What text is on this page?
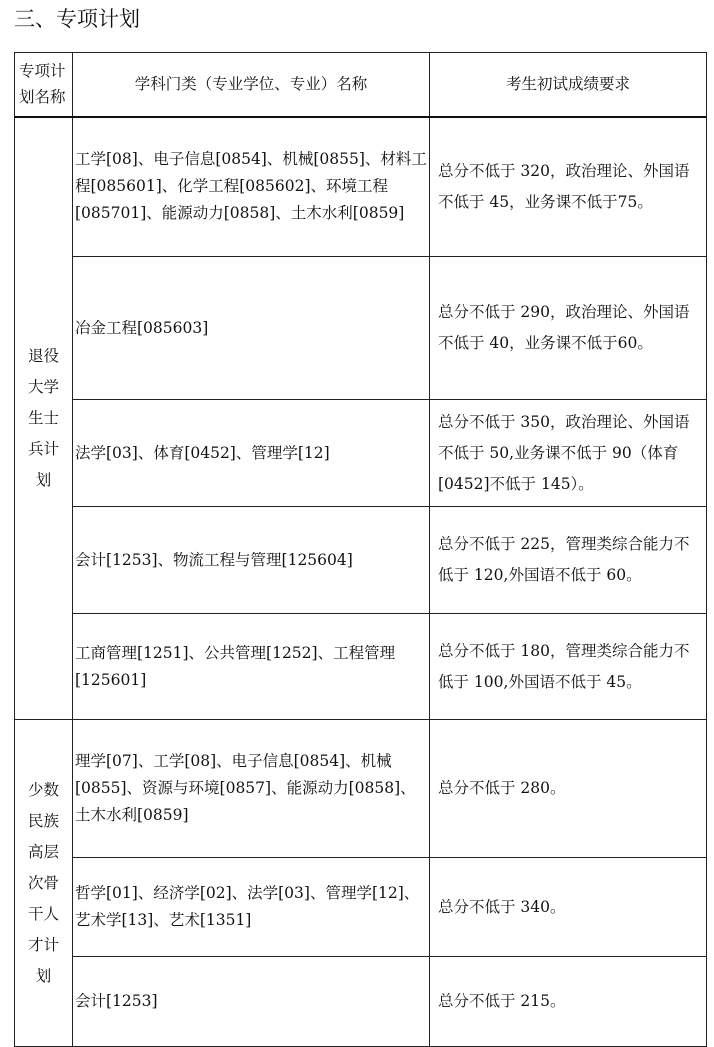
三、专项计划
专项计划名称	学科门类（专业学位、专业）名称	考生初试成绩要求
退役大学生士兵计划	工学[08]、电子信息[0854]、机械[0855]、材料工程[085601]、化学工程[085602]、环境工程[085701]、能源动力[0858]、土木水利[0859]	总分不低于 320，政治理论、外国语不低于 45，业务课不低于75。
	冶金工程[085603]	总分不低于 290，政治理论、外国语不低于 40，业务课不低于60。
	法学[03]、体育[0452]、管理学[12]	总分不低于 350，政治理论、外国语不低于 50,业务课不低于 90（体育[0452]不低于 145）。
	会计[1253]、物流工程与管理[125604]	总分不低于 225，管理类综合能力不低于 120,外国语不低于 60。
	工商管理[1251]、公共管理[1252]、工程管理[125601]	总分不低于 180，管理类综合能力不低于 100,外国语不低于 45。
少数民族高层次骨干人才计划	理学[07]、工学[08]、电子信息[0854]、机械[0855]、资源与环境[0857]、能源动力[0858]、土木水利[0859]	总分不低于 280。
	哲学[01]、经济学[02]、法学[03]、管理学[12]、艺术学[13]、艺术[1351]	总分不低于 340。
	会计[1253]	总分不低于 215。
